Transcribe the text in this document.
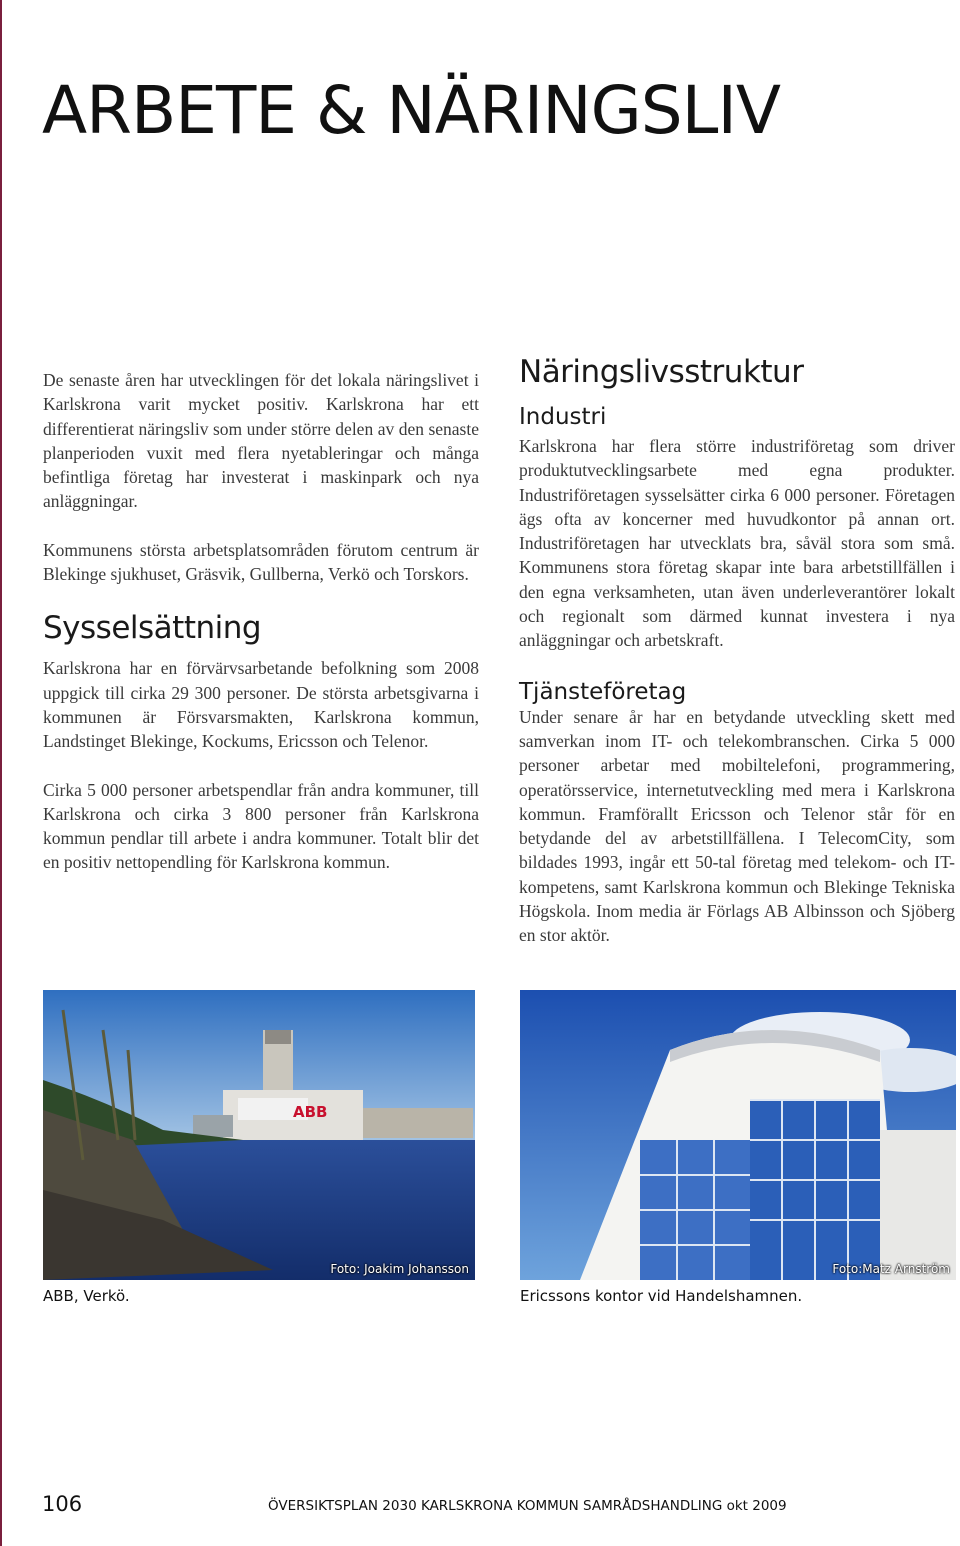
ARBETE & NÄRINGSLIV

De senaste åren har utvecklingen för det lokala näringslivet i Karlskrona varit mycket positiv. Karlskrona har ett differentierat näringsliv som under större delen av den senaste planperioden vuxit med flera nyetableringar och många befintliga företag har investerat i maskinpark och nya anläggningar.

Kommunens största arbetsplatsområden förutom centrum är Blekinge sjukhuset, Gräsvik, Gullberna, Verkö och Torskors.

Sysselsättning

Karlskrona har en förvärvsarbetande befolkning som 2008 uppgick till cirka 29 300 personer. De största arbetsgivarna i kommunen är Försvarsmakten, Karlskrona kommun, Landstinget Blekinge, Kockums, Ericsson och Telenor.

Cirka 5 000 personer arbetspendlar från andra kommuner, till Karlskrona och cirka 3 800 personer från Karlskrona kommun pendlar till arbete i andra kommuner. Totalt blir det en positiv nettopendling för Karlskrona kommun.

Näringslivsstruktur
Industri

Karlskrona har flera större industriföretag som driver produktutvecklingsarbete med egna produkter. Industriföretagen sysselsätter cirka 6 000 personer. Företagen ägs ofta av koncerner med huvudkontor på annan ort. Industriföretagen har utvecklats bra, såväl stora som små. Kommunens stora företag skapar inte bara arbetstillfällen i den egna verksamheten, utan även underleverantörer lokalt och regionalt som därmed kunnat investera i nya anläggningar och arbetskraft.

Tjänsteföretag

Under senare år har en betydande utveckling skett med samverkan inom IT- och telekombranschen. Cirka 5 000 personer arbetar med mobiltelefoni, programmering, operatörsservice, internetutveckling med mera i Karlskrona kommun. Framförallt Ericsson och Telenor står för en betydande del av arbetstillfällena. I TelecomCity, som bildades 1993, ingår ett 50-tal företag med telekom- och IT-kompetens, samt Karlskrona kommun och Blekinge Tekniska Högskola. Inom media är Förlags AB Albinsson och Sjöberg en stor aktör.

ABB
Foto: Joakim Johansson	Foto:Matz Arnström
ABB, Verkö.	Ericssons kontor vid Handelshamnen.
106	ÖVERSIKTSPLAN 2030 KARLSKRONA KOMMUN SAMRÅDSHANDLING okt 2009
